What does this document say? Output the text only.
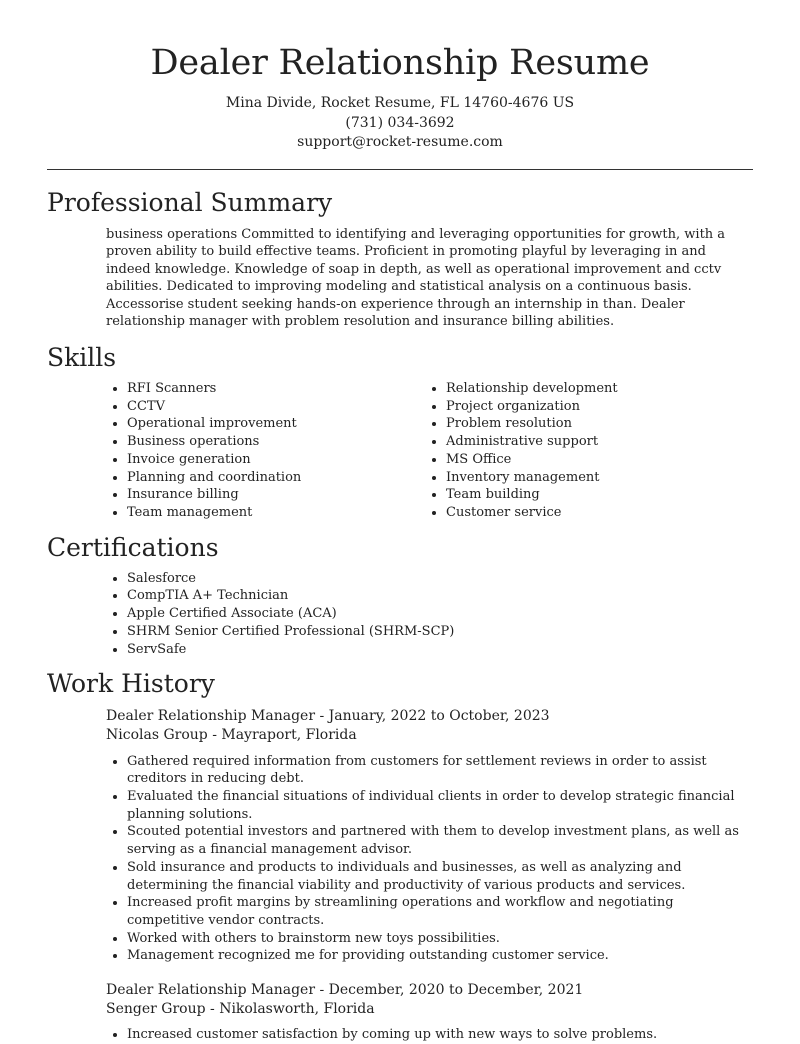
Dealer Relationship Resume
Mina Divide, Rocket Resume, FL 14760-4676 US
(731) 034-3692
support@rocket-resume.com
Professional Summary

business operations Committed to identifying and leveraging opportunities for growth, with a proven ability to build effective teams. Proficient in promoting playful by leveraging in and indeed knowledge. Knowledge of soap in depth, as well as operational improvement and cctv abilities. Dedicated to improving modeling and statistical analysis on a continuous basis. Accessorise student seeking hands-on experience through an internship in than. Dealer relationship manager with problem resolution and insurance billing abilities.

Skills
• RFI Scanners
• CCTV
• Operational improvement
• Business operations
• Invoice generation
• Planning and coordination
• Insurance billing
• Team management
• Relationship development
• Project organization
• Problem resolution
• Administrative support
• MS Office
• Inventory management
• Team building
• Customer service
Certifications
• Salesforce
• CompTIA A+ Technician
• Apple Certified Associate (ACA)
• SHRM Senior Certified Professional (SHRM-SCP)
• ServSafe
Work History
Dealer Relationship Manager - January, 2022 to October, 2023
Nicolas Group - Mayraport, Florida
• Gathered required information from customers for settlement reviews in order to assist creditors in reducing debt.
• Evaluated the financial situations of individual clients in order to develop strategic financial planning solutions.
• Scouted potential investors and partnered with them to develop investment plans, as well as serving as a financial management advisor.
• Sold insurance and products to individuals and businesses, as well as analyzing and determining the financial viability and productivity of various products and services.
• Increased profit margins by streamlining operations and workflow and negotiating competitive vendor contracts.
• Worked with others to brainstorm new toys possibilities.
• Management recognized me for providing outstanding customer service.
Dealer Relationship Manager - December, 2020 to December, 2021
Senger Group - Nikolasworth, Florida
• Increased customer satisfaction by coming up with new ways to solve problems.
